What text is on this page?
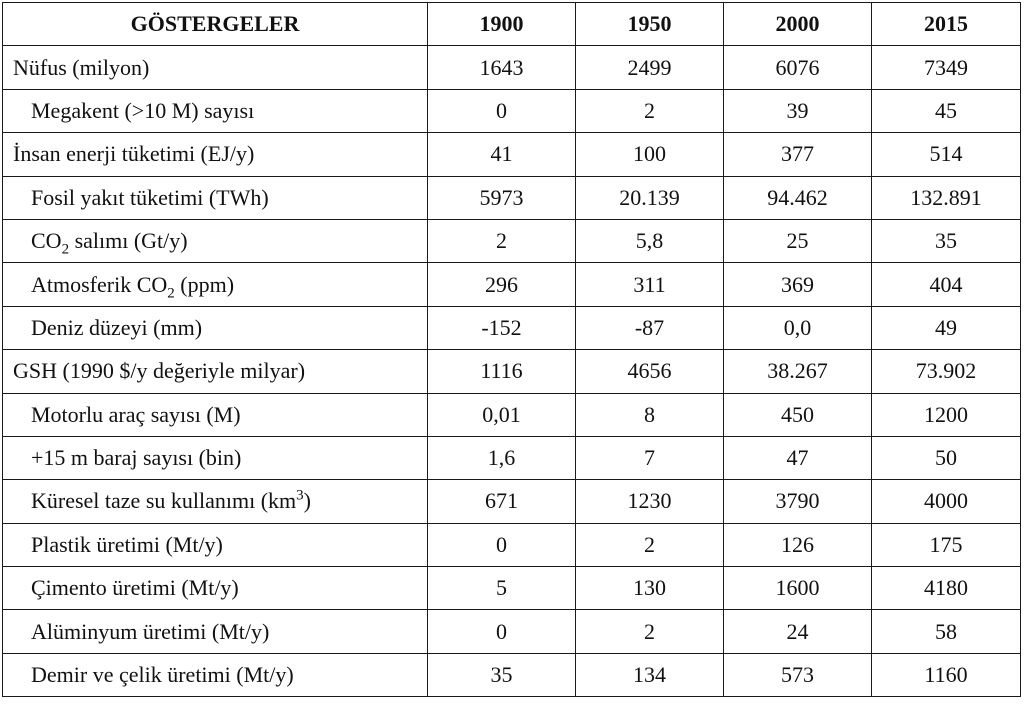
GÖSTERGELER	1900	1950	2000	2015
Nüfus (milyon)	1643	2499	6076	7349
Megakent (>10 M) sayısı	0	2	39	45
İnsan enerji tüketimi (EJ/y)	41	100	377	514
Fosil yakıt tüketimi (TWh)	5973	20.139	94.462	132.891
$CO_2$ salımı (Gt/y)	2	5,8	25	35
Atmosferik $CO_2$ (ppm)	296	311	369	404
Deniz düzeyi (mm)	-152	-87	0,0	49
GSH (1990 $/y değeriyle milyar)	1116	4656	38.267	73.902
Motorlu araç sayısı (M)	0,01	8	450	1200
+15 m baraj sayısı (bin)	1,6	7	47	50
Küresel taze su kullanımı $(km^3)$	671	1230	3790	4000
Plastik üretimi (Mt/y)	0	2	126	175
Çimento üretimi (Mt/y)	5	130	1600	4180
Alüminyum üretimi (Mt/y)	0	2	24	58
Demir ve çelik üretimi (Mt/y)	35	134	573	1160
